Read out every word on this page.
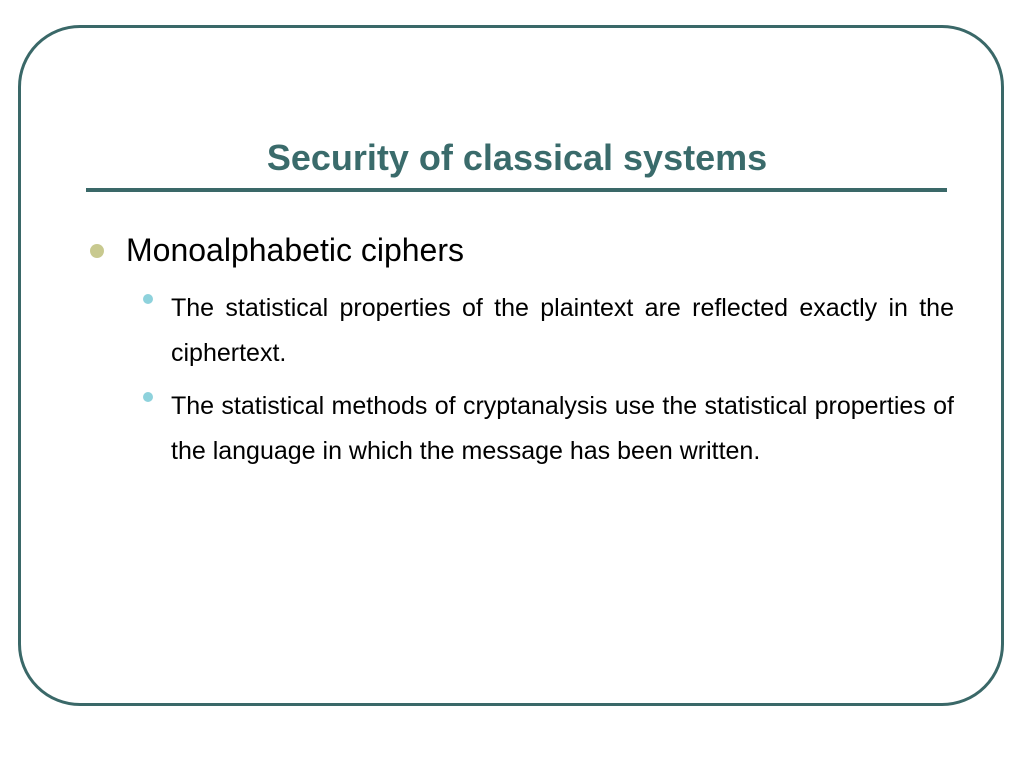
Security of classical systems
Monoalphabetic ciphers

The statistical properties of the plaintext are reflected exactly in the ciphertext.

The statistical methods of cryptanalysis use the statistical properties of the language in which the message has been written.
